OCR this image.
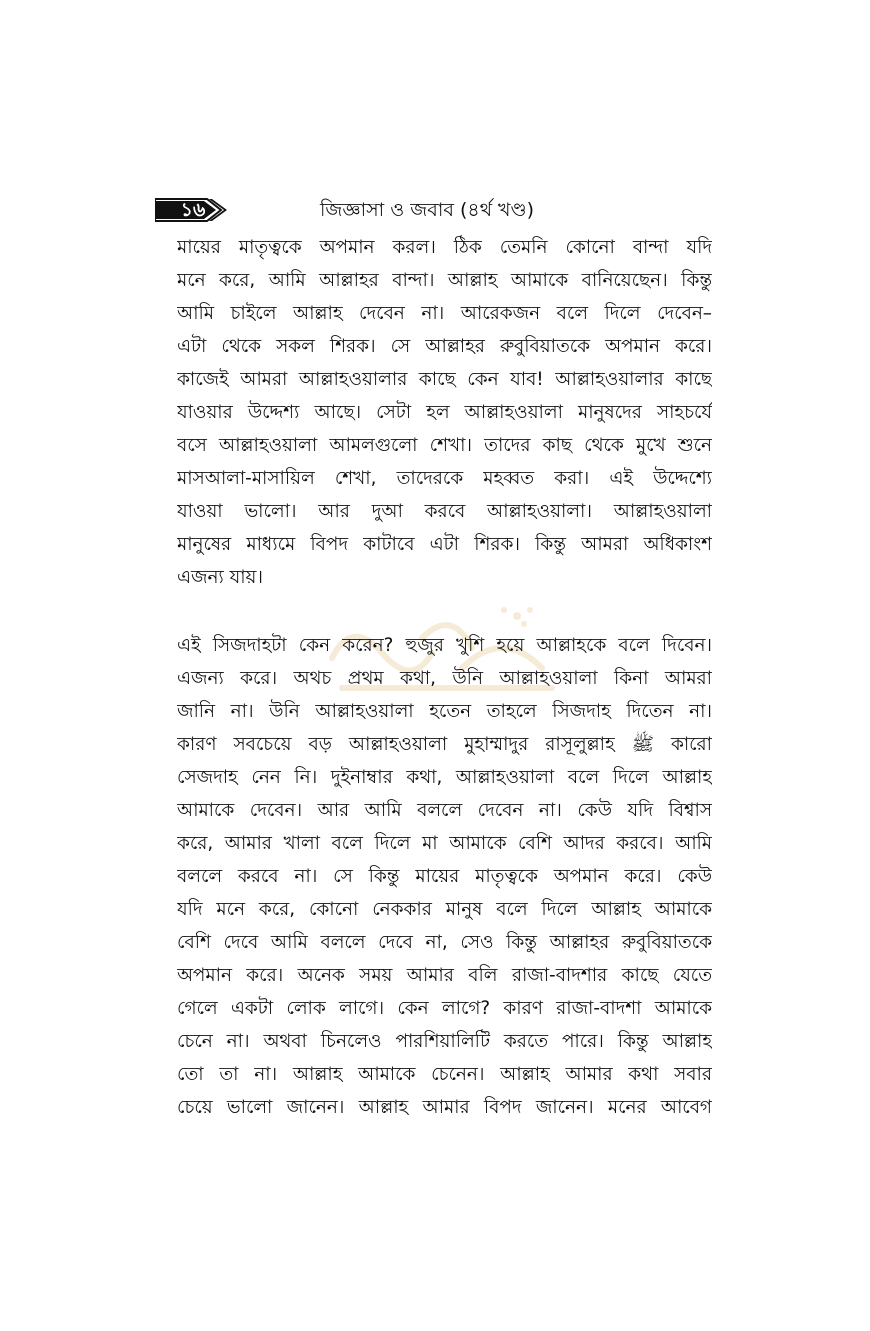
১৬	জিজ্ঞাসা ও জবাব (৪র্থ খণ্ড)
মায়ের মাতৃত্বকে অপমান করল। ঠিক তেমনি কোনো বান্দা যদি
মনে করে, আমি আল্লাহর বান্দা। আল্লাহ আমাকে বানিয়েছেন। কিন্তু
আমি চাইলে আল্লাহ দেবেন না। আরেকজন বলে দিলে দেবেন–
এটা থেকে সকল শিরক। সে আল্লাহর রুবুবিয়াতকে অপমান করে।
কাজেই আমরা আল্লাহওয়ালার কাছে কেন যাব! আল্লাহওয়ালার কাছে
যাওয়ার উদ্দেশ্য আছে। সেটা হল আল্লাহওয়ালা মানুষদের সাহচর্যে
বসে আল্লাহওয়ালা আমলগুলো শেখা। তাদের কাছ থেকে মুখে শুনে
মাসআলা-মাসায়িল শেখা, তাদেরকে মহব্বত করা। এই উদ্দেশ্যে
যাওয়া ভালো। আর দুআ করবে আল্লাহওয়ালা। আল্লাহওয়ালা
মানুষের মাধ্যমে বিপদ কাটাবে এটা শিরক। কিন্তু আমরা অধিকাংশ
এজন্য যায়।
এই সিজদাহটা কেন করেন? হুজুর খুশি হয়ে আল্লাহকে বলে দিবেন।
এজন্য করে। অথচ প্রথম কথা, উনি আল্লাহওয়ালা কিনা আমরা
জানি না। উনি আল্লাহওয়ালা হতেন তাহলে সিজদাহ দিতেন না।
কারণ সবচেয়ে বড় আল্লাহওয়ালা মুহাম্মাদুর রাসূলুল্লাহ ﷺ কারো
সেজদাহ নেন নি। দুইনাম্বার কথা, আল্লাহওয়ালা বলে দিলে আল্লাহ
আমাকে দেবেন। আর আমি বললে দেবেন না। কেউ যদি বিশ্বাস
করে, আমার খালা বলে দিলে মা আমাকে বেশি আদর করবে। আমি
বললে করবে না। সে কিন্তু মায়ের মাতৃত্বকে অপমান করে। কেউ
যদি মনে করে, কোনো নেককার মানুষ বলে দিলে আল্লাহ আমাকে
বেশি দেবে আমি বললে দেবে না, সেও কিন্তু আল্লাহর রুবুবিয়াতকে
অপমান করে। অনেক সময় আমার বলি রাজা-বাদশার কাছে যেতে
গেলে একটা লোক লাগে। কেন লাগে? কারণ রাজা-বাদশা আমাকে
চেনে না। অথবা চিনলেও পারশিয়ালিটি করতে পারে। কিন্তু আল্লাহ
তো তা না। আল্লাহ আমাকে চেনেন। আল্লাহ আমার কথা সবার
চেয়ে ভালো জানেন। আল্লাহ আমার বিপদ জানেন। মনের আবেগ
